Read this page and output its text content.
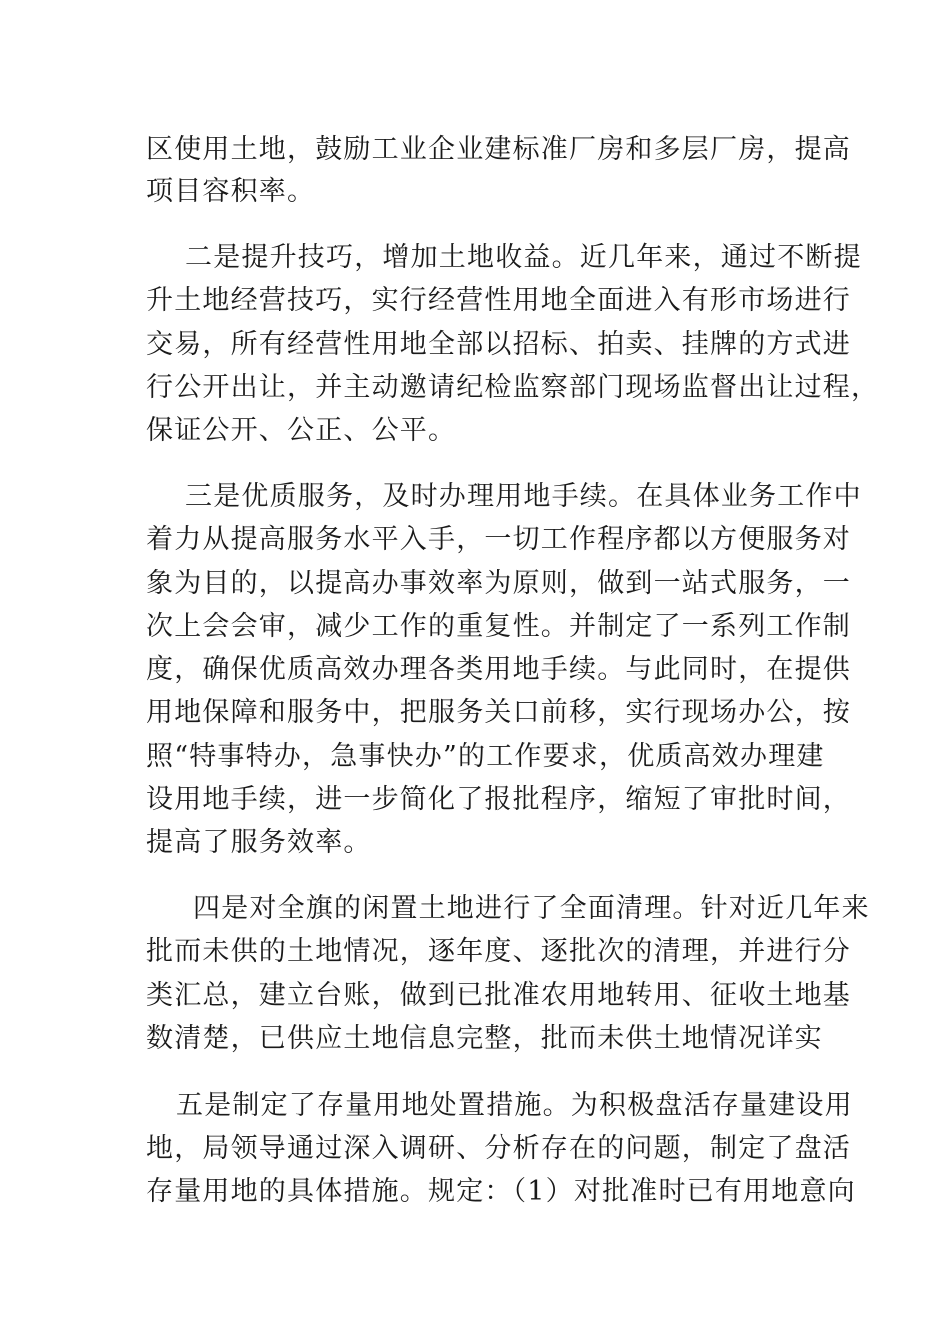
区使用土地，鼓励工业企业建标准厂房和多层厂房，提高
项目容积率。
二是提升技巧，增加土地收益。近几年来，通过不断提
升土地经营技巧，实行经营性用地全面进入有形市场进行
交易，所有经营性用地全部以招标、拍卖、挂牌的方式进
行公开出让，并主动邀请纪检监察部门现场监督出让过程，
保证公开、公正、公平。
三是优质服务，及时办理用地手续。在具体业务工作中
着力从提高服务水平入手，一切工作程序都以方便服务对
象为目的，以提高办事效率为原则，做到一站式服务，一
次上会会审，减少工作的重复性。并制定了一系列工作制
度，确保优质高效办理各类用地手续。与此同时，在提供
用地保障和服务中，把服务关口前移，实行现场办公，按
照“特事特办，急事快办”的工作要求，优质高效办理建
设用地手续，进一步简化了报批程序，缩短了审批时间，
提高了服务效率。
四是对全旗的闲置土地进行了全面清理。针对近几年来
批而未供的土地情况，逐年度、逐批次的清理，并进行分
类汇总，建立台账，做到已批准农用地转用、征收土地基
数清楚，已供应土地信息完整，批而未供土地情况详实
五是制定了存量用地处置措施。为积极盘活存量建设用
地，局领导通过深入调研、分析存在的问题，制定了盘活
存量用地的具体措施。规定：（1）对批准时已有用地意向
